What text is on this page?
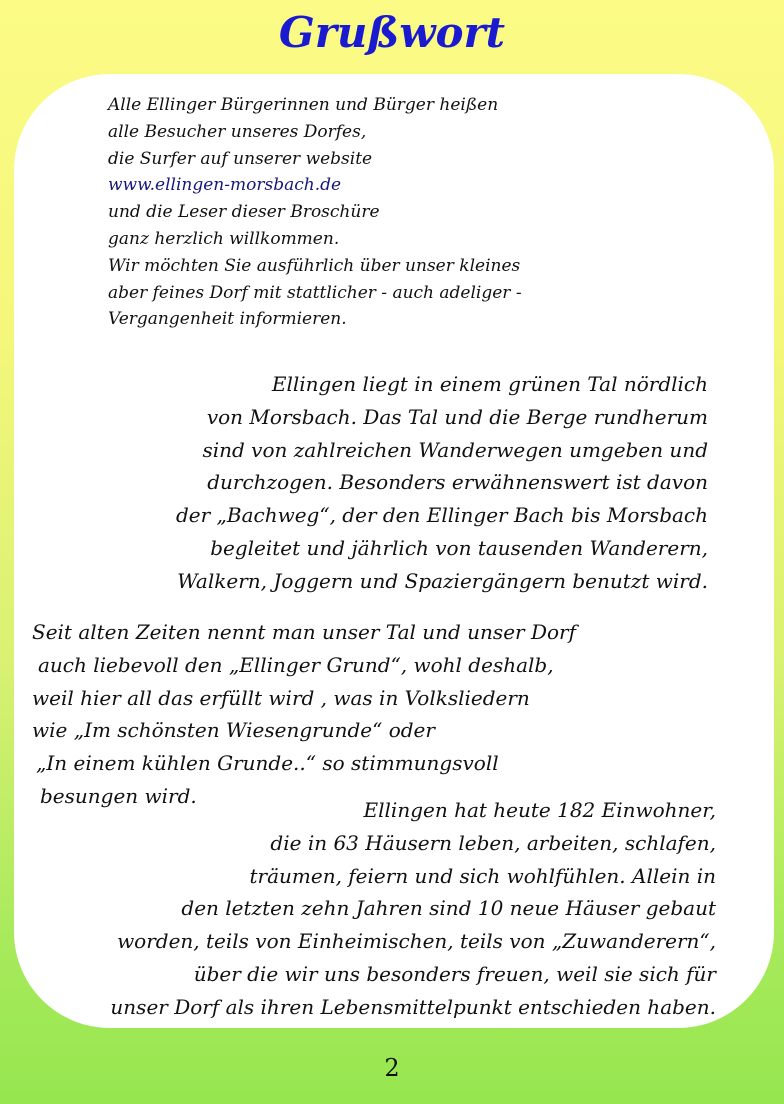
Grußwort

Alle Ellinger Bürgerinnen und Bürger heißen
alle Besucher unseres Dorfes,
die Surfer auf unserer website
www.ellingen-morsbach.de
und die Leser dieser Broschüre
ganz herzlich willkommen.
Wir möchten Sie ausführlich über unser kleines
aber feines Dorf mit stattlicher - auch adeliger -
Vergangenheit informieren.

Ellingen liegt in einem grünen Tal nördlich
von Morsbach. Das Tal und die Berge rundherum
sind von zahlreichen Wanderwegen umgeben und
durchzogen. Besonders erwähnenswert ist davon
der „Bachweg“, der den Ellinger Bach bis Morsbach
begleitet und jährlich von tausenden Wanderern,
Walkern, Joggern und Spaziergängern benutzt wird.

Seit alten Zeiten nennt man unser Tal und unser Dorf
auch liebevoll den „Ellinger Grund“, wohl deshalb,
weil hier all das erfüllt wird , was in Volksliedern
wie „Im schönsten Wiesengrunde“ oder
„In einem kühlen Grunde..“ so stimmungsvoll
besungen wird.

Ellingen hat heute 182 Einwohner,
die in 63 Häusern leben, arbeiten, schlafen,
träumen, feiern und sich wohlfühlen. Allein in
den letzten zehn Jahren sind 10 neue Häuser gebaut
worden, teils von Einheimischen, teils von „Zuwanderern“,
über die wir uns besonders freuen, weil sie sich für
unser Dorf als ihren Lebensmittelpunkt entschieden haben.

2
